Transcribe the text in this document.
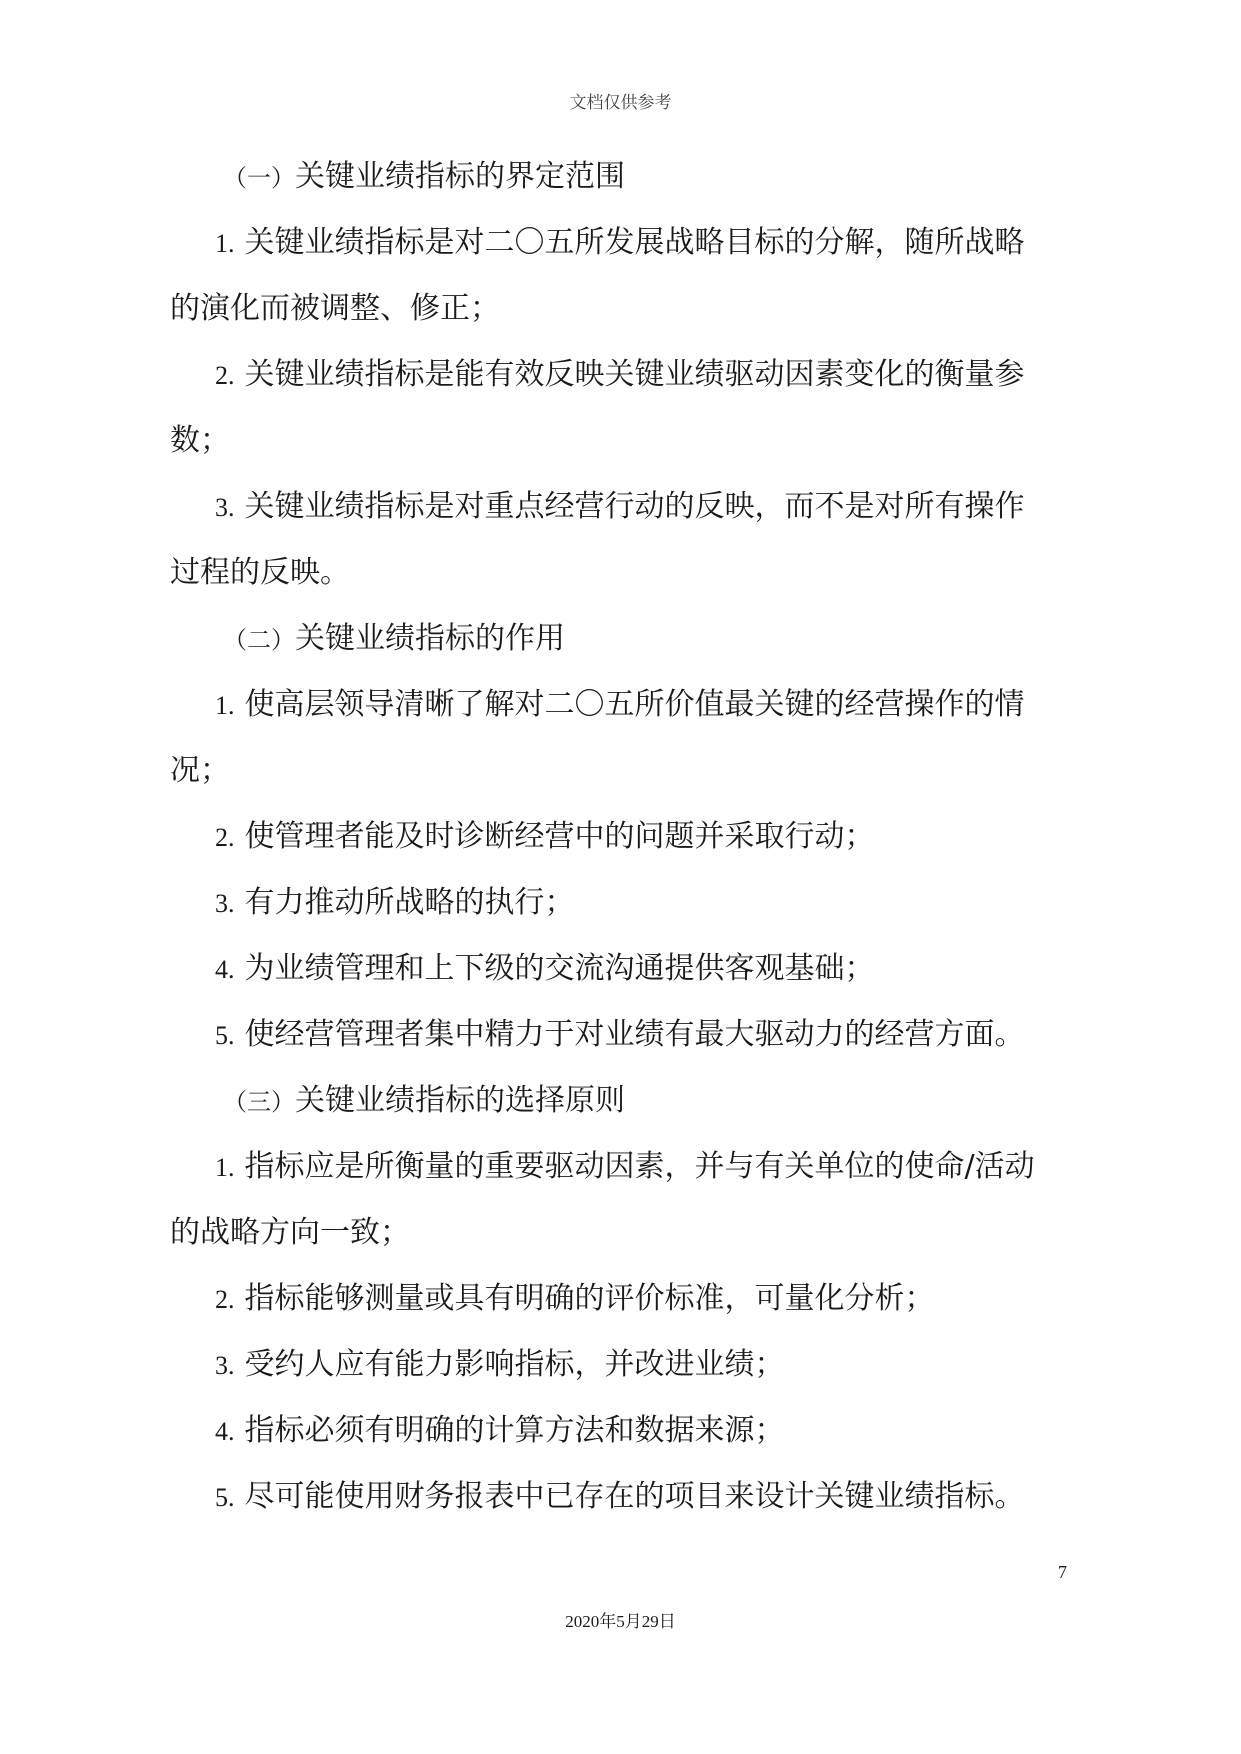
文档仅供参考
（一）关键业绩指标的界定范围
1. 关键业绩指标是对二〇五所发展战略目标的分解，随所战略
的演化而被调整、修正；
2. 关键业绩指标是能有效反映关键业绩驱动因素变化的衡量参
数；
3. 关键业绩指标是对重点经营行动的反映，而不是对所有操作
过程的反映。
（二）关键业绩指标的作用
1. 使高层领导清晰了解对二〇五所价值最关键的经营操作的情
况；
2. 使管理者能及时诊断经营中的问题并采取行动；
3. 有力推动所战略的执行；
4. 为业绩管理和上下级的交流沟通提供客观基础；
5. 使经营管理者集中精力于对业绩有最大驱动力的经营方面。
（三）关键业绩指标的选择原则
1. 指标应是所衡量的重要驱动因素，并与有关单位的使命/活动
的战略方向一致；
2. 指标能够测量或具有明确的评价标准，可量化分析；
3. 受约人应有能力影响指标，并改进业绩；
4. 指标必须有明确的计算方法和数据来源；
5. 尽可能使用财务报表中已存在的项目来设计关键业绩指标。
7
2020年5月29日
